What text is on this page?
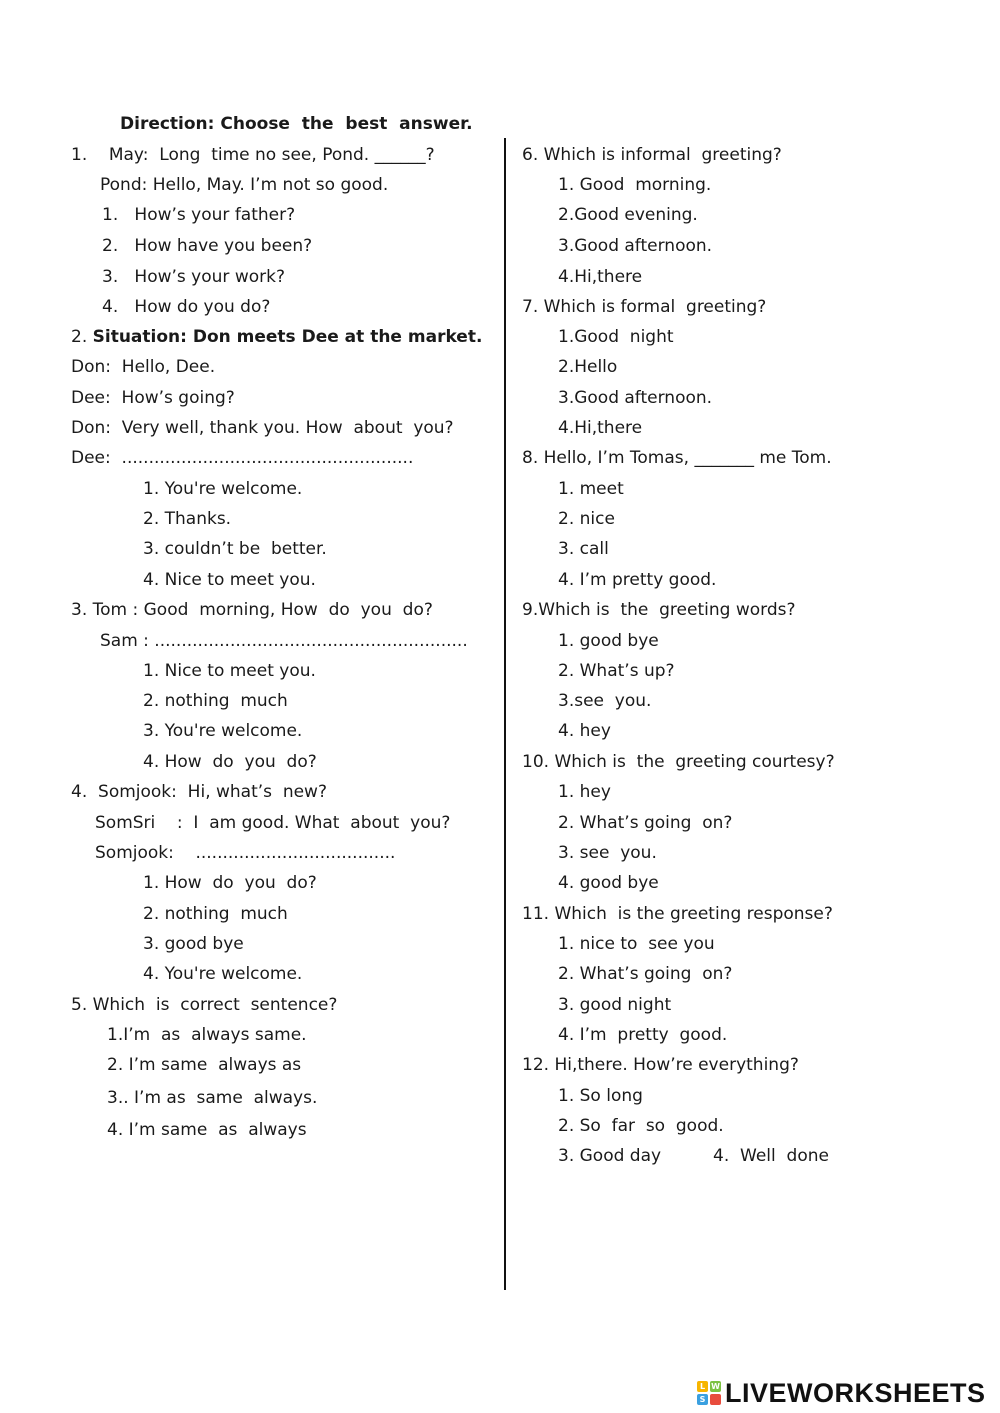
Direction: Choose  the  best  answer.
1.    May:  Long  time no see, Pond. ______?
Pond: Hello, May. I’m not so good.
1.   How’s your father?
2.   How have you been?
3.   How’s your work?
4.   How do you do?
2. Situation: Don meets Dee at the market.
Don:  Hello, Dee.
Dee:  How’s going?
Don:  Very well, thank you. How  about  you?
Dee:  ......................................................
1. You're welcome.
2. Thanks.
3. couldn’t be  better.
4. Nice to meet you.
3. Tom : Good  morning, How  do  you  do?
Sam : ..........................................................
1. Nice to meet you.
2. nothing  much
3. You're welcome.
4. How  do  you  do?
4.  Somjook:  Hi, what’s  new?
SomSri    :  I  am good. What  about  you?
Somjook:    .....................................
1. How  do  you  do?
2. nothing  much
3. good bye
4. You're welcome.
5. Which  is  correct  sentence?
1.I’m  as  always same.
2. I’m same  always as
3.. I’m as  same  always.
4. I’m same  as  always
6. Which is informal  greeting?
1. Good  morning.
2.Good evening.
3.Good afternoon.
4.Hi,there
7. Which is formal  greeting?
1.Good  night
2.Hello
3.Good afternoon.
4.Hi,there
8. Hello, I’m Tomas, _______ me Tom.
1. meet
2. nice
3. call
4. I’m pretty good.
9.Which is  the  greeting words?
1. good bye
2. What’s up?
3.see  you.
4. hey
10. Which is  the  greeting courtesy?
1. hey
2. What’s going  on?
3. see  you.
4. good bye
11. Which  is the greeting response?
1. nice to  see you
2. What’s going  on?
3. good night
4. I’m  pretty  good.
12. Hi,there. How’re everything?
1. So long
2. So  far  so  good.
3. Good day	4.  Well  done
L W
S LIVEWORKSHEETS
